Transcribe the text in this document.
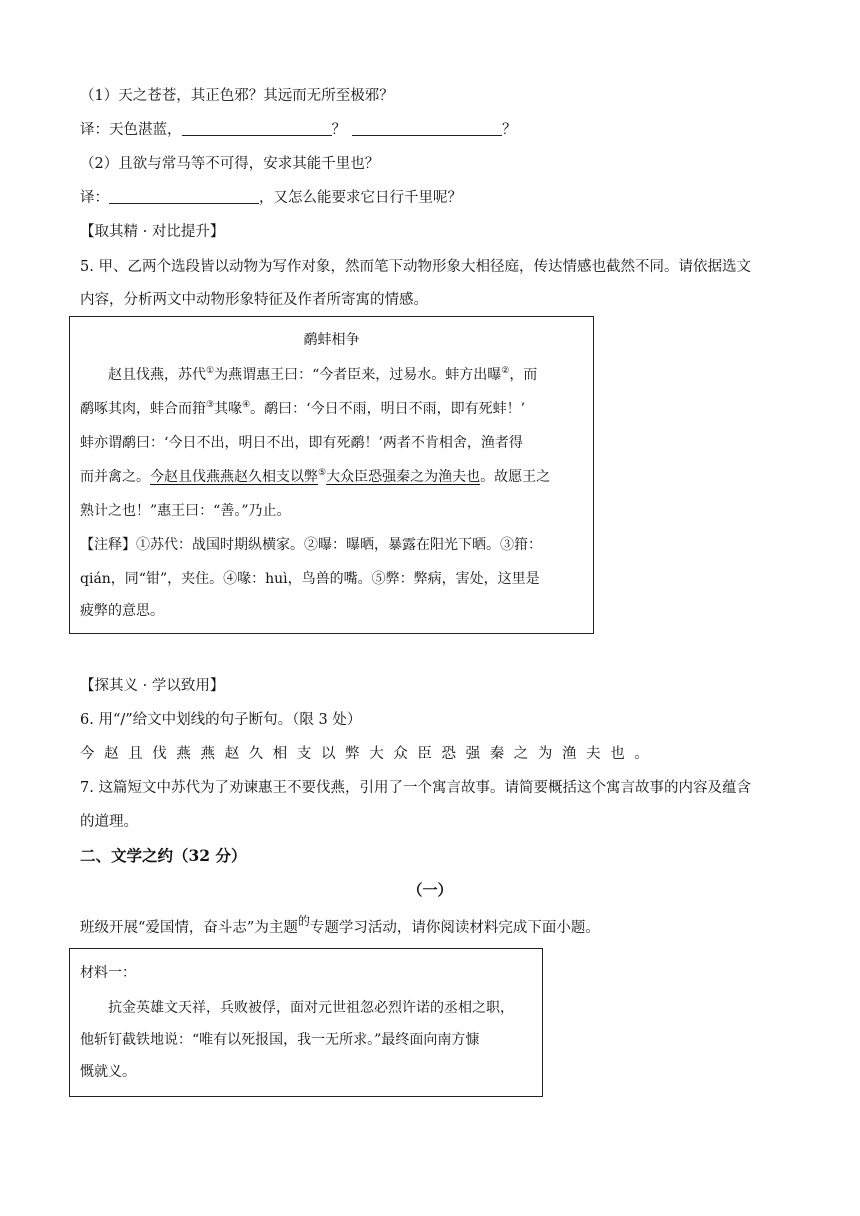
（1）天之苍苍，其正色邪？其远而无所至极邪？
译：天色湛蓝，	？	？
（2）且欲与常马等不可得，安求其能千里也？
译：	，又怎么能要求它日行千里呢？
【取其精 · 对比提升】
5. 甲、乙两个选段皆以动物为写作对象，然而笔下动物形象大相径庭，传达情感也截然不同。请依据选文
内容，分析两文中动物形象特征及作者所寄寓的情感。
鹬蚌相争
赵且伐燕，苏代①为燕谓惠王曰：“今者臣来，过易水。蚌方出曝②，而
鹬啄其肉，蚌合而箝③其喙④。鹬曰：‘今日不雨，明日不雨，即有死蚌！’
蚌亦谓鹬曰：‘今日不出，明日不出，即有死鹬！’两者不肯相舍，渔者得
而并禽之。今赵且伐燕燕赵久相支以弊⑤大众臣恐强秦之为渔夫也。故愿王之
熟计之也！”惠王曰：“善。”乃止。
【注释】①苏代：战国时期纵横家。②曝：曝晒，暴露在阳光下晒。③箝：
qián，同“钳”，夹住。④喙：huì，鸟兽的嘴。⑤弊：弊病，害处，这里是
疲弊的意思。
【探其义 · 学以致用】
6. 用“/”给文中划线的句子断句。（限 3 处）
今赵且伐燕燕赵久相支以弊大众臣恐强秦之为渔夫也。
7. 这篇短文中苏代为了劝谏惠王不要伐燕，引用了一个寓言故事。请简要概括这个寓言故事的内容及蕴含
的道理。
二、文学之约（32 分）
（一）
班级开展“爱国情，奋斗志”为主题$^的$专题学习活动，请你阅读材料完成下面小题。
材料一：
抗金英雄文天祥，兵败被俘，面对元世祖忽必烈许诺的丞相之职，
他斩钉截铁地说：“唯有以死报国，我一无所求。”最终面向南方慷
慨就义。
